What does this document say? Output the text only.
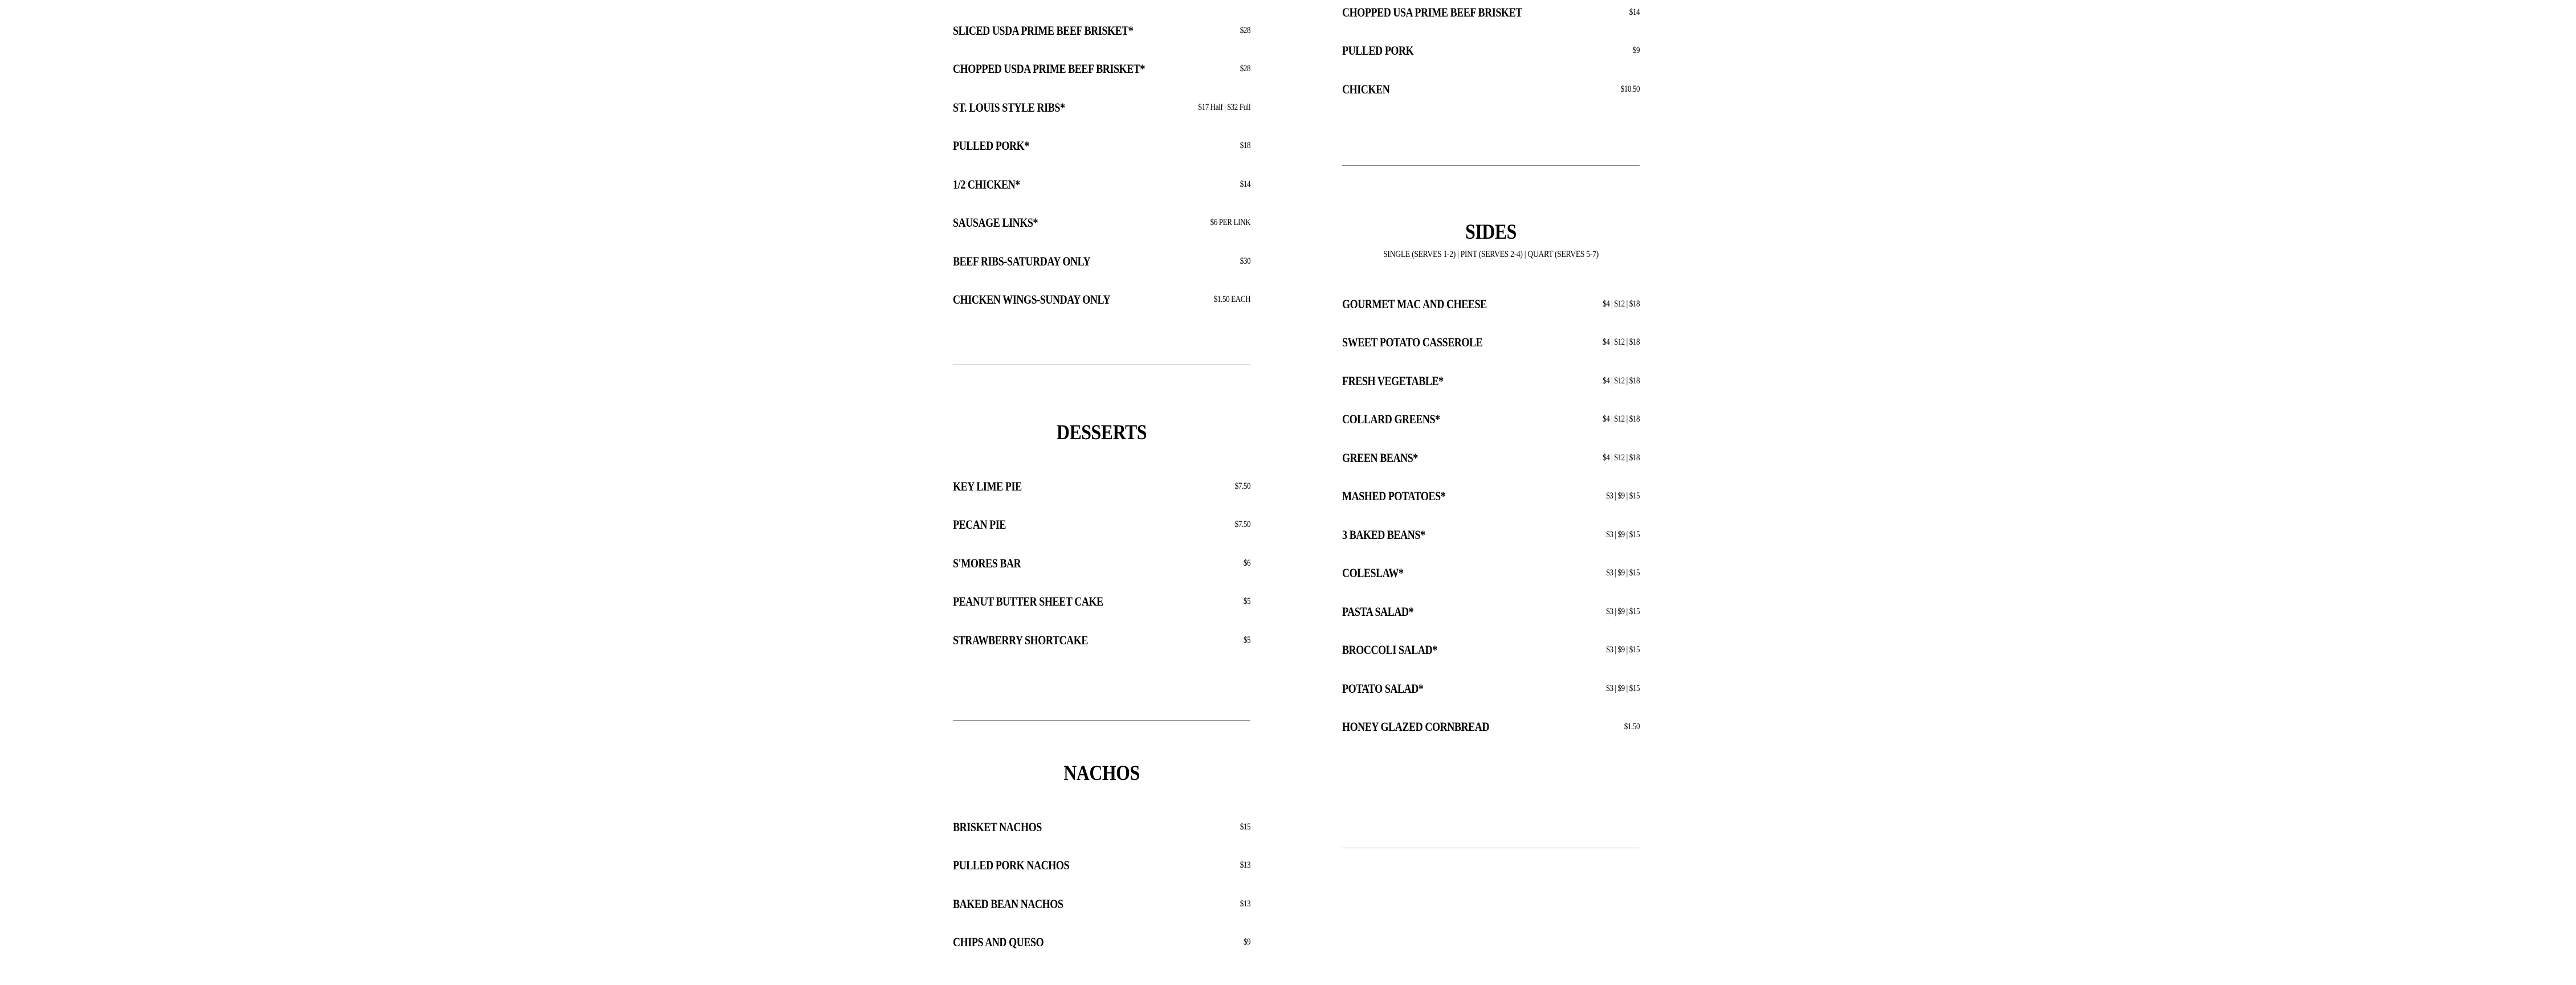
SLICED USDA PRIME BEEF BRISKET*	$28
CHOPPED USDA PRIME BEEF BRISKET*	$28
ST. LOUIS STYLE RIBS*	$17 Half | $32 Full
PULLED PORK*	$18
1/2 CHICKEN*	$14
SAUSAGE LINKS*	$6 PER LINK
BEEF RIBS-SATURDAY ONLY	$30
CHICKEN WINGS-SUNDAY ONLY	$1.50 EACH
DESSERTS
KEY LIME PIE	$7.50
PECAN PIE	$7.50
S'MORES BAR	$6
PEANUT BUTTER SHEET CAKE	$5
STRAWBERRY SHORTCAKE	$5
NACHOS
BRISKET NACHOS	$15
PULLED PORK NACHOS	$13
BAKED BEAN NACHOS	$13
CHIPS AND QUESO	$9
CHOPPED USA PRIME BEEF BRISKET	$14
PULLED PORK	$9
CHICKEN	$10.50
SIDES

SINGLE (SERVES 1-2) | PINT (SERVES 2-4) | QUART (SERVES 5-7)

GOURMET MAC AND CHEESE	$4 | $12 | $18
SWEET POTATO CASSEROLE	$4 | $12 | $18
FRESH VEGETABLE*	$4 | $12 | $18
COLLARD GREENS*	$4 | $12 | $18
GREEN BEANS*	$4 | $12 | $18
MASHED POTATOES*	$3 | $9 | $15
3 BAKED BEANS*	$3 | $9 | $15
COLESLAW*	$3 | $9 | $15
PASTA SALAD*	$3 | $9 | $15
BROCCOLI SALAD*	$3 | $9 | $15
POTATO SALAD*	$3 | $9 | $15
HONEY GLAZED CORNBREAD	$1.50
